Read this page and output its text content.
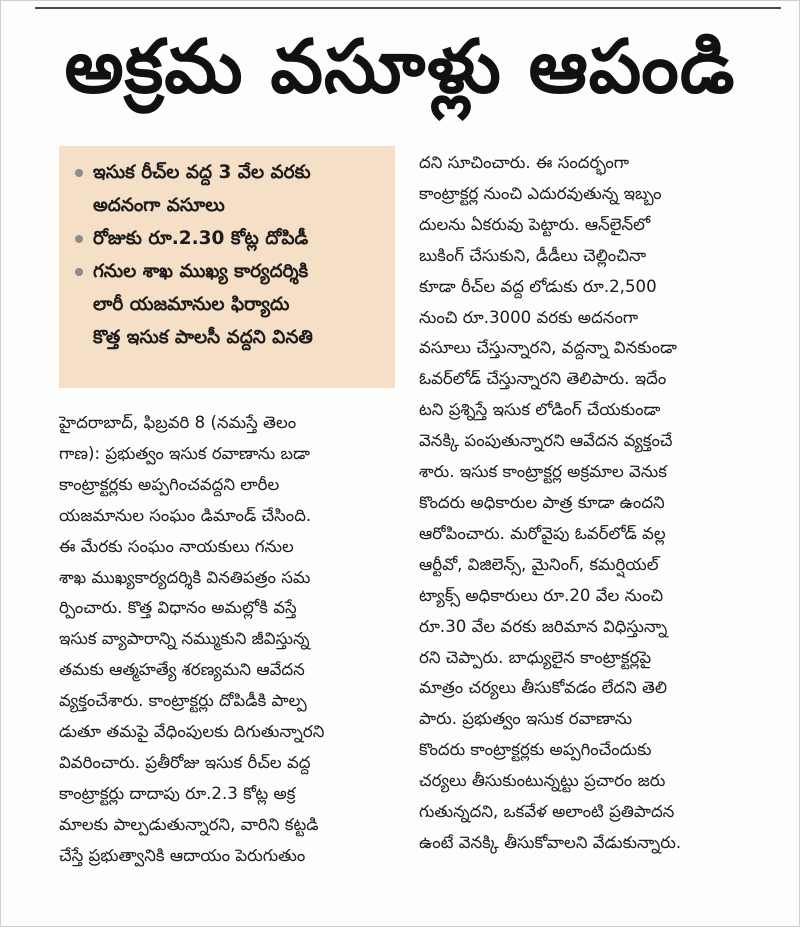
అక్రమ వసూళ్లు ఆపండి
ఇసుక రీచ్‌ల వద్ద 3 వేల వరకు
అదనంగా వసూలు
రోజుకు రూ.2.30 కోట్ల దోపిడీ
గనుల శాఖ ముఖ్య కార్యదర్శికి
లారీ యజమానుల ఫిర్యాదు
కొత్త ఇసుక పాలసీ వద్దని వినతి
హైదరాబాద్, ఫిబ్రవరి 8 (నమస్తే తెలం
గాణ): ప్రభుత్వం ఇసుక రవాణాను బడా
కాంట్రాక్టర్లకు అప్పగించవద్దని లారీల
యజమానుల సంఘం డిమాండ్ చేసింది.
ఈ మేరకు సంఘం నాయకులు గనుల
శాఖ ముఖ్యకార్యదర్శికి వినతిపత్రం సమ
ర్పించారు. కొత్త విధానం అమల్లోకి వస్తే
ఇసుక వ్యాపారాన్ని నమ్ముకుని జీవిస్తున్న
తమకు ఆత్మహత్యే శరణ్యమని ఆవేదన
వ్యక్తంచేశారు. కాంట్రాక్టర్లు దోపిడీకి పాల్ప
డుతూ తమపై వేధింపులకు దిగుతున్నారని
వివరించారు. ప్రతీరోజు ఇసుక రీచ్‌ల వద్ద
కాంట్రాక్టర్లు దాదాపు రూ.2.3 కోట్ల అక్ర
మాలకు పాల్పడుతున్నారని, వారిని కట్టడి
చేస్తే ప్రభుత్వానికి ఆదాయం పెరుగుతుం
దని సూచించారు. ఈ సందర్భంగా
కాంట్రాక్టర్ల నుంచి ఎదురవుతున్న ఇబ్బం
దులను ఏకరువు పెట్టారు. ఆన్‌లైన్‌లో
బుకింగ్ చేసుకుని, డీడీలు చెల్లించినా
కూడా రీచ్‌ల వద్ద లోడుకు రూ.2,500
నుంచి రూ.3000 వరకు అదనంగా
వసూలు చేస్తున్నారని, వద్దన్నా వినకుండా
ఓవర్‌లోడ్ చేస్తున్నారని తెలిపారు. ఇదేం
టని ప్రశ్నిస్తే ఇసుక లోడింగ్ చేయకుండా
వెనక్కి పంపుతున్నారని ఆవేదన వ్యక్తంచే
శారు. ఇసుక కాంట్రాక్టర్ల అక్రమాల వెనుక
కొందరు అధికారుల పాత్ర కూడా ఉందని
ఆరోపించారు. మరోవైపు ఓవర్‌లోడ్ వల్ల
ఆర్టీవో, విజిలెన్స్, మైనింగ్, కమర్షియల్
ట్యాక్స్ అధికారులు రూ.20 వేల నుంచి
రూ.30 వేల వరకు జరిమాన విధిస్తున్నా
రని చెప్పారు. బాధ్యులైన కాంట్రాక్టర్లపై
మాత్రం చర్యలు తీసుకోవడం లేదని తెలి
పారు. ప్రభుత్వం ఇసుక రవాణాను
కొందరు కాంట్రాక్టర్లకు అప్పగించేందుకు
చర్యలు తీసుకుంటున్నట్టు ప్రచారం జరు
గుతున్నదని, ఒకవేళ అలాంటి ప్రతిపాదన
ఉంటే వెనక్కి తీసుకోవాలని వేడుకున్నారు.
